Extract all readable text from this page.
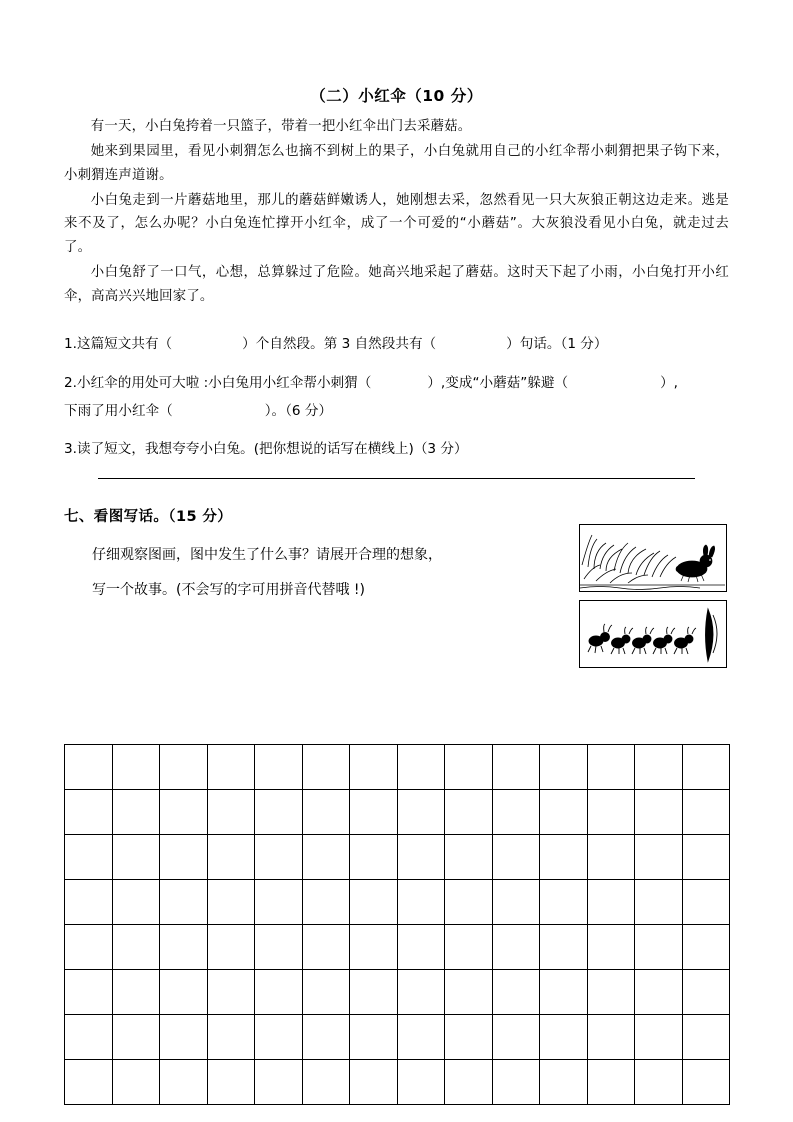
（二）小红伞（10 分）

有一天，小白兔挎着一只篮子，带着一把小红伞出门去采蘑菇。

她来到果园里，看见小刺猬怎么也摘不到树上的果子，小白兔就用自己的小红伞帮小刺猬把果子钩下来，小刺猬连声道谢。

小白兔走到一片蘑菇地里，那儿的蘑菇鲜嫩诱人，她刚想去采，忽然看见一只大灰狼正朝这边走来。逃是来不及了，怎么办呢？小白兔连忙撑开小红伞，成了一个可爱的“小蘑菇”。大灰狼没看见小白兔，就走过去了。

小白兔舒了一口气，心想，总算躲过了危险。她高兴地采起了蘑菇。这时天下起了小雨，小白兔打开小红伞，高高兴兴地回家了。

1.这篇短文共有（	）个自然段。第 3 自然段共有（	）句话。（1 分）
2.小红伞的用处可大啦 :小白兔用小红伞帮小刺猬（	）,变成“小蘑菇”躲避（	）,
下雨了用小红伞（	）。（6 分）
3.读了短文，我想夸夸小白兔。(把你想说的话写在横线上)（3 分）
七、看图写话。（15 分）
仔细观察图画，图中发生了什么事？请展开合理的想象，
写一个故事。(不会写的字可用拼音代替哦 !)
